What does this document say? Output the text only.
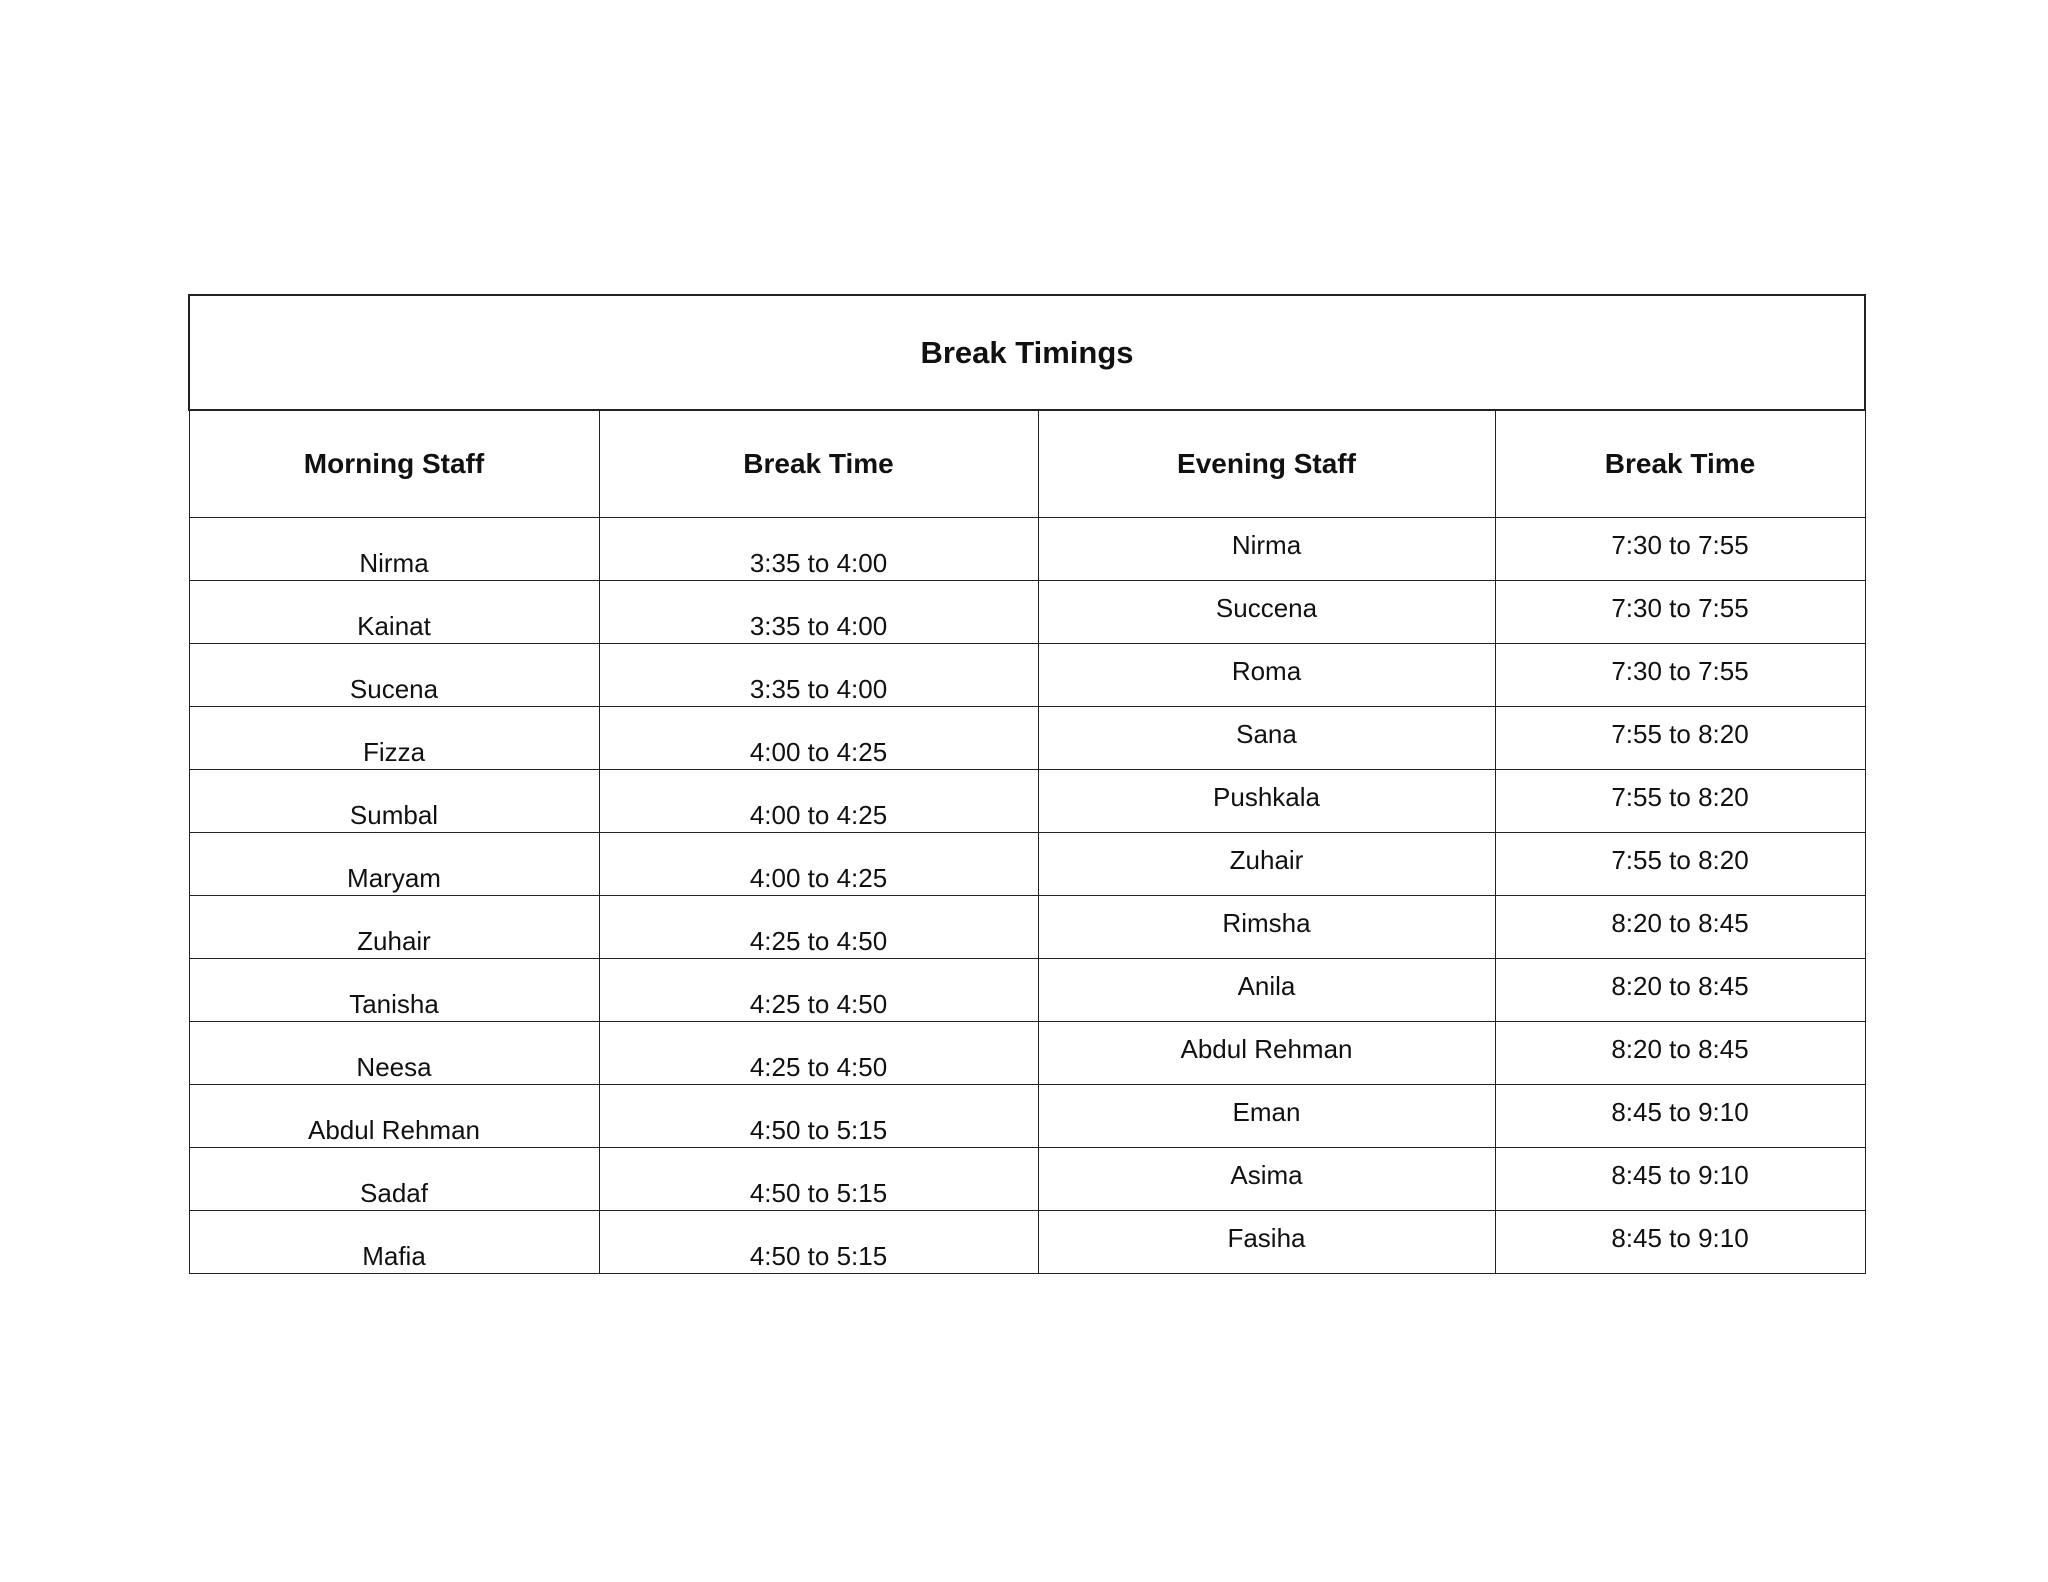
Break Timings			
Morning Staff	Break Time	Evening Staff	Break Time

Nirma	3:35 to 4:00	Nirma	7:30 to 7:55

Kainat	3:35 to 4:00	Succena	7:30 to 7:55

Sucena	3:35 to 4:00	Roma	7:30 to 7:55

Fizza	4:00 to 4:25	Sana	7:55 to 8:20

Sumbal	4:00 to 4:25	Pushkala	7:55 to 8:20

Maryam	4:00 to 4:25	Zuhair	7:55 to 8:20

Zuhair	4:25 to 4:50	Rimsha	8:20 to 8:45

Tanisha	4:25 to 4:50	Anila	8:20 to 8:45

Neesa	4:25 to 4:50	Abdul Rehman	8:20 to 8:45

Abdul Rehman	4:50 to 5:15	Eman	8:45 to 9:10

Sadaf	4:50 to 5:15	Asima	8:45 to 9:10

Mafia	4:50 to 5:15	Fasiha	8:45 to 9:10
